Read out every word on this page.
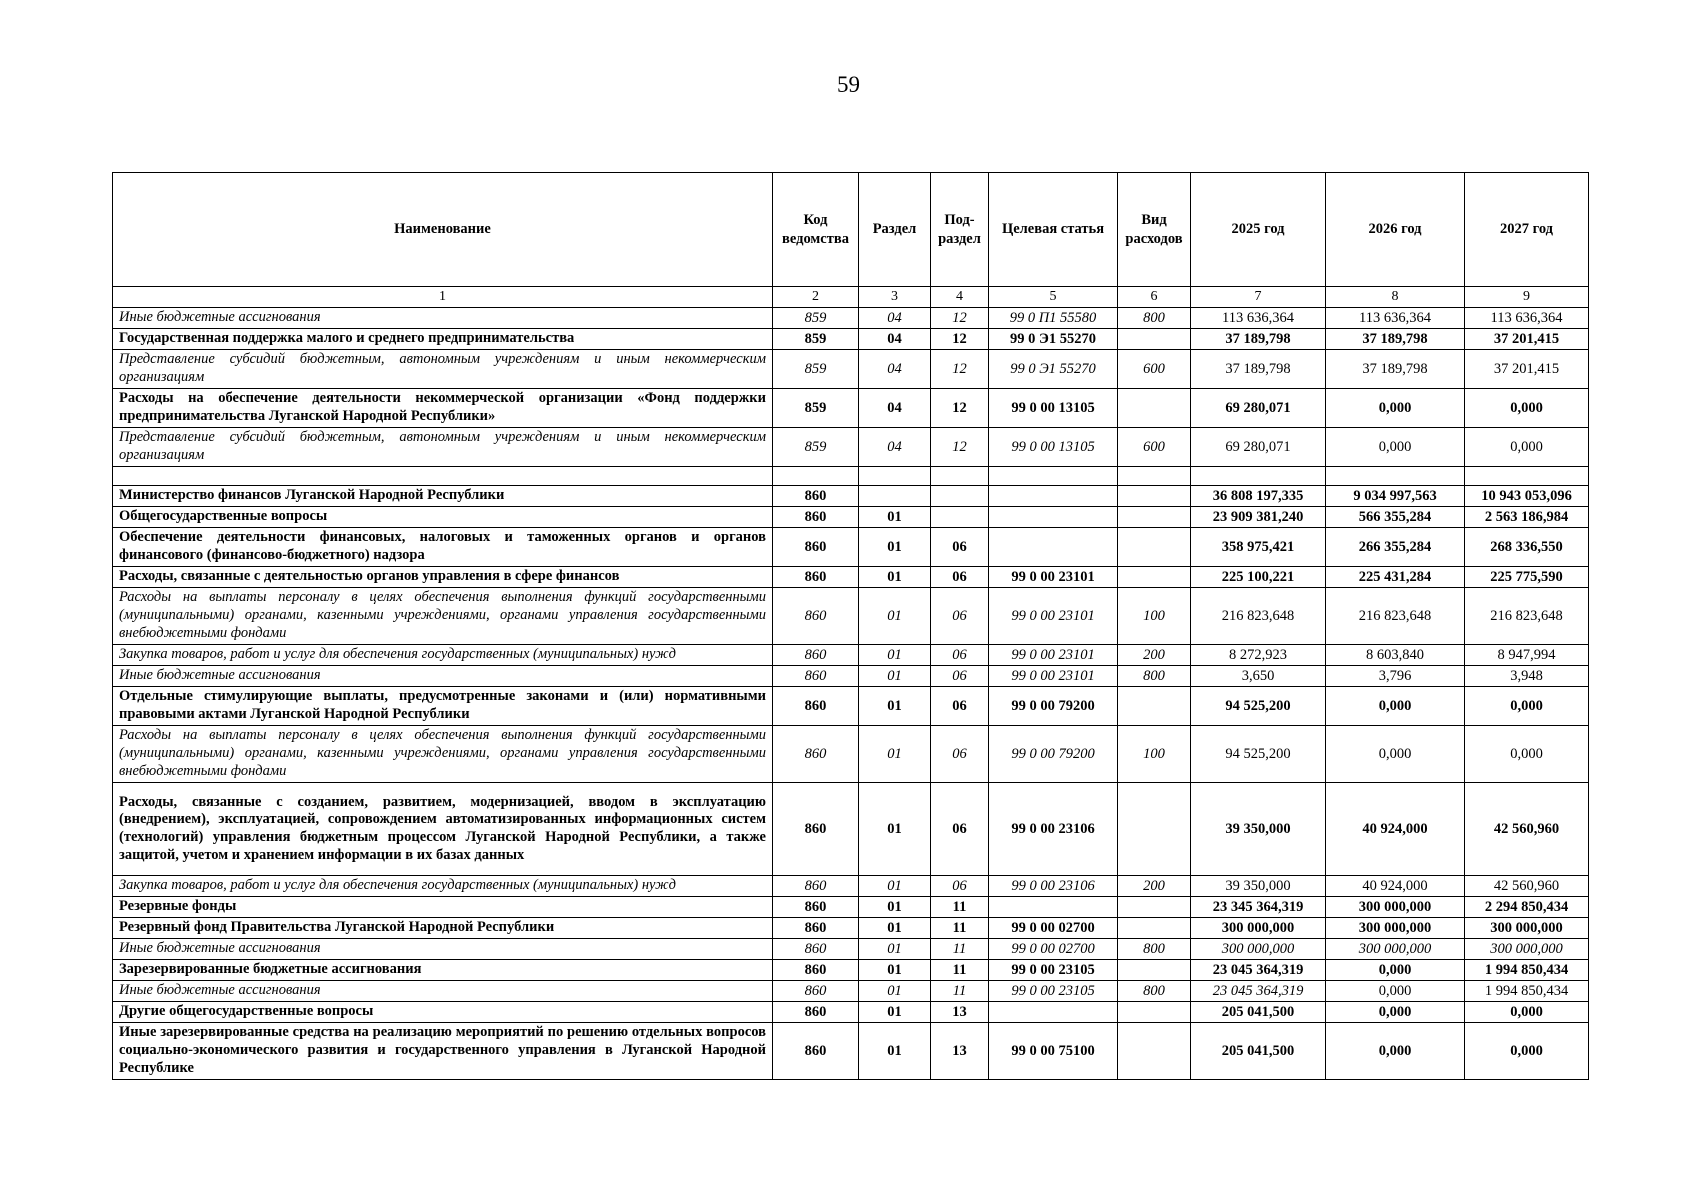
59
Наименование	Код ведомства	Раздел	Под-раздел	Целевая статья	Вид расходов	2025 год	2026 год	2027 год
1	2	3	4	5	6	7	8	9
Иные бюджетные ассигнования	859	04	12	99 0 П1 55580	800	113 636,364	113 636,364	113 636,364
Государственная поддержка малого и среднего предпринимательства	859	04	12	99 0 Э1 55270		37 189,798	37 189,798	37 201,415
Представление субсидий бюджетным, автономным учреждениям и иным некоммерческим организациям	859	04	12	99 0 Э1 55270	600	37 189,798	37 189,798	37 201,415
Расходы на обеспечение деятельности некоммерческой организации «Фонд поддержки предпринимательства Луганской Народной Республики»	859	04	12	99 0 00 13105		69 280,071	0,000	0,000
Представление субсидий бюджетным, автономным учреждениям и иным некоммерческим организациям	859	04	12	99 0 00 13105	600	69 280,071	0,000	0,000

Министерство финансов Луганской Народной Республики	860					36 808 197,335	9 034 997,563	10 943 053,096
Общегосударственные вопросы	860	01				23 909 381,240	566 355,284	2 563 186,984
Обеспечение деятельности финансовых, налоговых и таможенных органов и органов финансового (финансово-бюджетного) надзора	860	01	06			358 975,421	266 355,284	268 336,550
Расходы, связанные с деятельностью органов управления в сфере финансов	860	01	06	99 0 00 23101		225 100,221	225 431,284	225 775,590
Расходы на выплаты персоналу в целях обеспечения выполнения функций государственными (муниципальными) органами, казенными учреждениями, органами управления государственными внебюджетными фондами	860	01	06	99 0 00 23101	100	216 823,648	216 823,648	216 823,648
Закупка товаров, работ и услуг для обеспечения государственных (муниципальных) нужд	860	01	06	99 0 00 23101	200	8 272,923	8 603,840	8 947,994
Иные бюджетные ассигнования	860	01	06	99 0 00 23101	800	3,650	3,796	3,948
Отдельные стимулирующие выплаты, предусмотренные законами и (или) нормативными правовыми актами Луганской Народной Республики	860	01	06	99 0 00 79200		94 525,200	0,000	0,000
Расходы на выплаты персоналу в целях обеспечения выполнения функций государственными (муниципальными) органами, казенными учреждениями, органами управления государственными внебюджетными фондами	860	01	06	99 0 00 79200	100	94 525,200	0,000	0,000
Расходы, связанные с созданием, развитием, модернизацией, вводом в эксплуатацию (внедрением), эксплуатацией, сопровождением автоматизированных информационных систем (технологий) управления бюджетным процессом Луганской Народной Республики, а также защитой, учетом и хранением информации в их базах данных	860	01	06	99 0 00 23106		39 350,000	40 924,000	42 560,960
Закупка товаров, работ и услуг для обеспечения государственных (муниципальных) нужд	860	01	06	99 0 00 23106	200	39 350,000	40 924,000	42 560,960
Резервные фонды	860	01	11			23 345 364,319	300 000,000	2 294 850,434
Резервный фонд Правительства Луганской Народной Республики	860	01	11	99 0 00 02700		300 000,000	300 000,000	300 000,000
Иные бюджетные ассигнования	860	01	11	99 0 00 02700	800	300 000,000	300 000,000	300 000,000
Зарезервированные бюджетные ассигнования	860	01	11	99 0 00 23105		23 045 364,319	0,000	1 994 850,434
Иные бюджетные ассигнования	860	01	11	99 0 00 23105	800	23 045 364,319	0,000	1 994 850,434
Другие общегосударственные вопросы	860	01	13			205 041,500	0,000	0,000
Иные зарезервированные средства на реализацию мероприятий по решению отдельных вопросов социально-экономического развития и государственного управления в Луганской Народной Республике	860	01	13	99 0 00 75100		205 041,500	0,000	0,000
